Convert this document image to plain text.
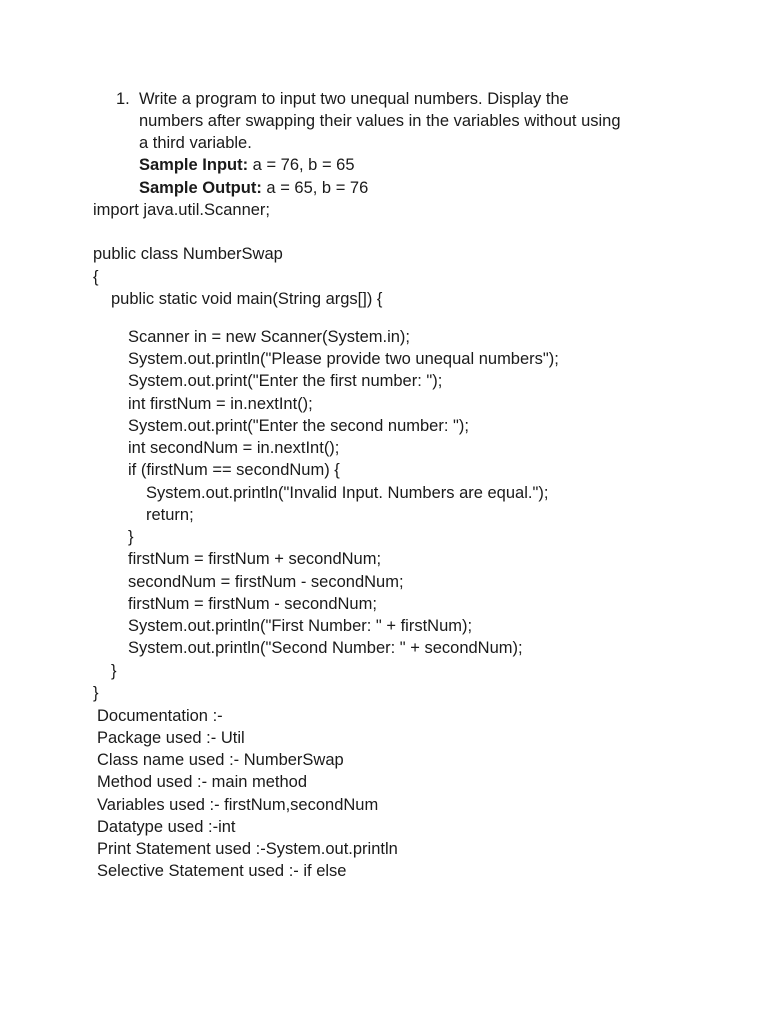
1. Write a program to input two unequal numbers. Display the
numbers after swapping their values in the variables without using
a third variable.
Sample Input: a = 76, b = 65
Sample Output: a = 65, b = 76
import java.util.Scanner;
public class NumberSwap
{
public static void main(String args[]) {
Scanner in = new Scanner(System.in);
System.out.println("Please provide two unequal numbers");
System.out.print("Enter the first number: ");
int firstNum = in.nextInt();
System.out.print("Enter the second number: ");
int secondNum = in.nextInt();
if (firstNum == secondNum) {
System.out.println("Invalid Input. Numbers are equal.");
return;
}
firstNum = firstNum + secondNum;
secondNum = firstNum - secondNum;
firstNum = firstNum - secondNum;
System.out.println("First Number: " + firstNum);
System.out.println("Second Number: " + secondNum);
}
}
Documentation :-
Package used :- Util
Class name used :- NumberSwap
Method used :- main method
Variables used :- firstNum,secondNum
Datatype used :-int
Print Statement used :-System.out.println
Selective Statement used :- if else
